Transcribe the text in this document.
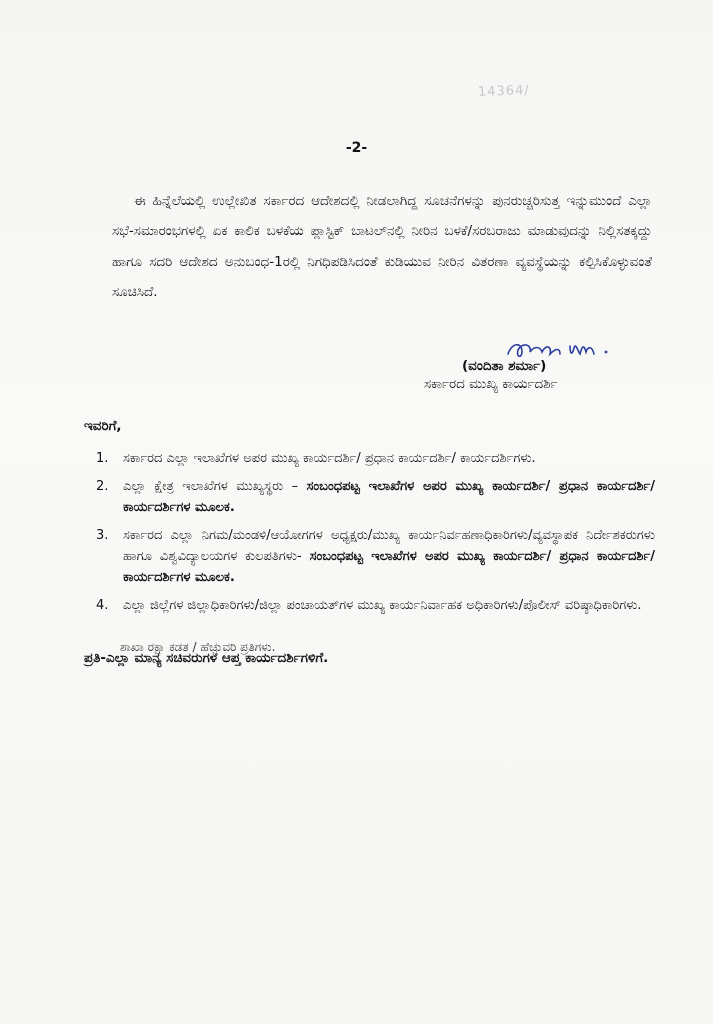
14364/
-2-

ಈ ಹಿನ್ನೆಲೆಯಲ್ಲಿ ಉಲ್ಲೇಖಿತ ಸರ್ಕಾರದ ಆದೇಶದಲ್ಲಿ ನೀಡಲಾಗಿದ್ದ ಸೂಚನೆಗಳನ್ನು ಪುನರುಚ್ಚರಿಸುತ್ತ ಇನ್ನುಮುಂದೆ ಎಲ್ಲಾ ಸಭೆ-ಸಮಾರಂಭಗಳಲ್ಲಿ ಏಕ ಕಾಲಿಕ ಬಳಕೆಯ ಪ್ಲಾಸ್ಟಿಕ್ ಬಾಟಲ್‌ನಲ್ಲಿ ನೀರಿನ ಬಳಕೆ/ಸರಬರಾಜು ಮಾಡುವುದನ್ನು ನಿಲ್ಲಿಸತಕ್ಕದ್ದು ಹಾಗೂ ಸದರಿ ಆದೇಶದ ಅನುಬಂಧ-1ರಲ್ಲಿ ನಿಗಧಿಪಡಿಸಿದಂತೆ ಕುಡಿಯುವ ನೀರಿನ ವಿತರಣಾ ವ್ಯವಸ್ಥೆಯನ್ನು ಕಲ್ಪಿಸಿಕೊಳ್ಳುವಂತೆ ಸೂಚಿಸಿದೆ.

(ವಂದಿತಾ ಶರ್ಮಾ)
ಸರ್ಕಾರದ ಮುಖ್ಯ ಕಾರ್ಯದರ್ಶಿ
ಇವರಿಗೆ,
1. ಸರ್ಕಾರದ ಎಲ್ಲಾ ಇಲಾಖೆಗಳ ಅಪರ ಮುಖ್ಯ ಕಾರ್ಯದರ್ಶಿ/ ಪ್ರಧಾನ ಕಾರ್ಯದರ್ಶಿ/ ಕಾರ್ಯದರ್ಶಿಗಳು.
2. ಎಲ್ಲಾ ಕ್ಷೇತ್ರ ಇಲಾಖೆಗಳ ಮುಖ್ಯಸ್ಥರು – ಸಂಬಂಧಪಟ್ಟ ಇಲಾಖೆಗಳ ಅಪರ ಮುಖ್ಯ ಕಾರ್ಯದರ್ಶಿ/ ಪ್ರಧಾನ ಕಾರ್ಯದರ್ಶಿ/ ಕಾರ್ಯದರ್ಶಿಗಳ ಮೂಲಕ.
3. ಸರ್ಕಾರದ ಎಲ್ಲಾ ನಿಗಮ/ಮಂಡಳಿ/ಆಯೋಗಗಳ ಅಧ್ಯಕ್ಷರು/ಮುಖ್ಯ ಕಾರ್ಯನಿರ್ವಹಣಾಧಿಕಾರಿಗಳು/ವ್ಯವಸ್ಥಾಪಕ ನಿರ್ದೇಶಕರುಗಳು ಹಾಗೂ ವಿಶ್ವವಿದ್ಯಾಲಯಗಳ ಕುಲಪತಿಗಳು- ಸಂಬಂಧಪಟ್ಟ ಇಲಾಖೆಗಳ ಅಪರ ಮುಖ್ಯ ಕಾರ್ಯದರ್ಶಿ/ ಪ್ರಧಾನ ಕಾರ್ಯದರ್ಶಿ/ ಕಾರ್ಯದರ್ಶಿಗಳ ಮೂಲಕ.
4. ಎಲ್ಲಾ ಜಿಲ್ಲೆಗಳ ಜಿಲ್ಲಾಧಿಕಾರಿಗಳು/ಜಿಲ್ಲಾ ಪಂಚಾಯತ್‌ಗಳ ಮುಖ್ಯ ಕಾರ್ಯನಿರ್ವಾಹಕ ಅಧಿಕಾರಿಗಳು/ಪೊಲೀಸ್ ವರಿಷ್ಠಾಧಿಕಾರಿಗಳು.
ಶಾಖಾ ರಕ್ಷಾ ಕಡತ / ಹೆಚ್ಚುವರಿ ಪ್ರತಿಗಳು.
ಪ್ರತಿ-ಎಲ್ಲಾ ಮಾನ್ಯ ಸಚಿವರುಗಳ ಆಪ್ತ ಕಾರ್ಯದರ್ಶಿಗಳಿಗೆ.
